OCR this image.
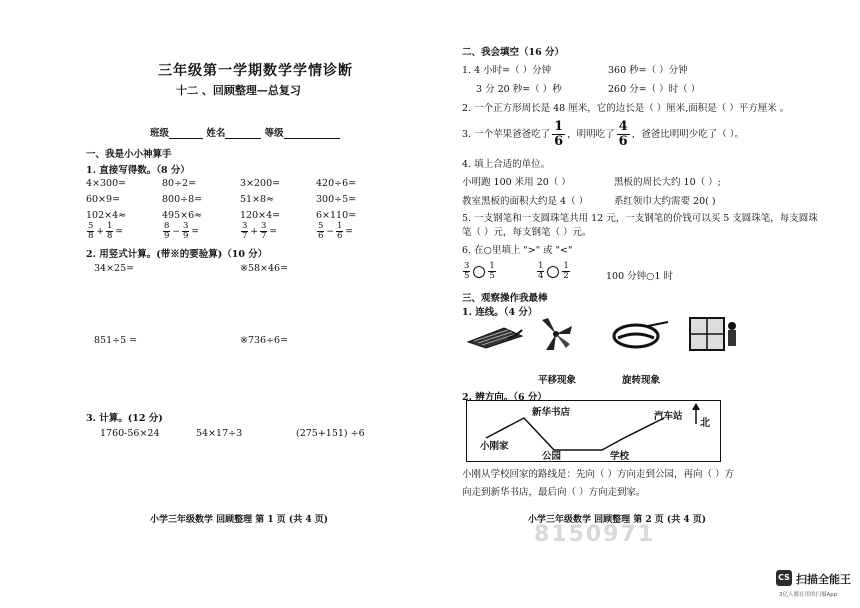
三年级第一学期数学学情诊断
十二 、回顾整理—总复习
班级	姓名	等级
一、我是小小神算手
1. 直接写得数。（8 分）
4×300=	80÷2=	3×200=	420÷6=
60×9=	800÷8=	51×8≈	300÷5=
102×4≈	495×6≈	120×4=	6×110=
$\frac{5}{8} + \frac{1}{8}$ =	$\frac{8}{9} - \frac{3}{9}$ =	$\frac{3}{7} + \frac{3}{7}$ =	$\frac{5}{6} - \frac{1}{6}$ =
2. 用竖式计算。(带※的要验算)（10 分）
34×25=	※58×46=
851÷5 =	※736÷6=
3. 计算。(12 分)
1760-56×24	54×17÷3	(275+151) ÷6
小学三年级数学 回顾整理 第 1 页 (共 4 页)
二、我会填空（16 分）
1. 4 小时=（ ）分钟	360 秒=（ ）分钟
3 分 20 秒=（ ）秒	260 分=（ ）时（ ）
2. 一个正方形周长是 48 厘米，它的边长是（ ）厘米,面积是（ ）平方厘米 。
3. 一个苹果爸爸吃了 $\frac{1}{6}$ ，明明吃了 $\frac{4}{6}$ ，爸爸比明明少吃了（ ）。
4. 填上合适的单位。
小明跑 100 米用 20（ ）	黑板的周长大约 10（ ）;
教室黑板的面积大约是 4（ ）	系红领巾大约需要 20( )
5. 一支钢笔和一支圆珠笔共用 12 元，一支钢笔的价钱可以买 5 支圆珠笔，每支圆珠
笔（ ）元，每支钢笔（ ）元。
6. 在○里填上 ">" 或 "<"
$\frac{3}{5} \frac{1}{5}$	$\frac{1}{4} \frac{1}{2}$	100 分钟○1 时
三、观察操作我最棒
1. 连线。（4 分）
平移现象	旋转现象
2. 辨方向。（6 分）
新华书店	汽车站
北
小刚家
公园	学校
小刚从学校回家的路线是：先向（ ）方向走到公园，再向（ ）方
向走到新华书店，最后向（ ）方向走到家。
小学三年级数学 回顾整理 第 2 页 (共 4 页)
8150971
CS 扫描全能王
3亿人都在用的扫描App
